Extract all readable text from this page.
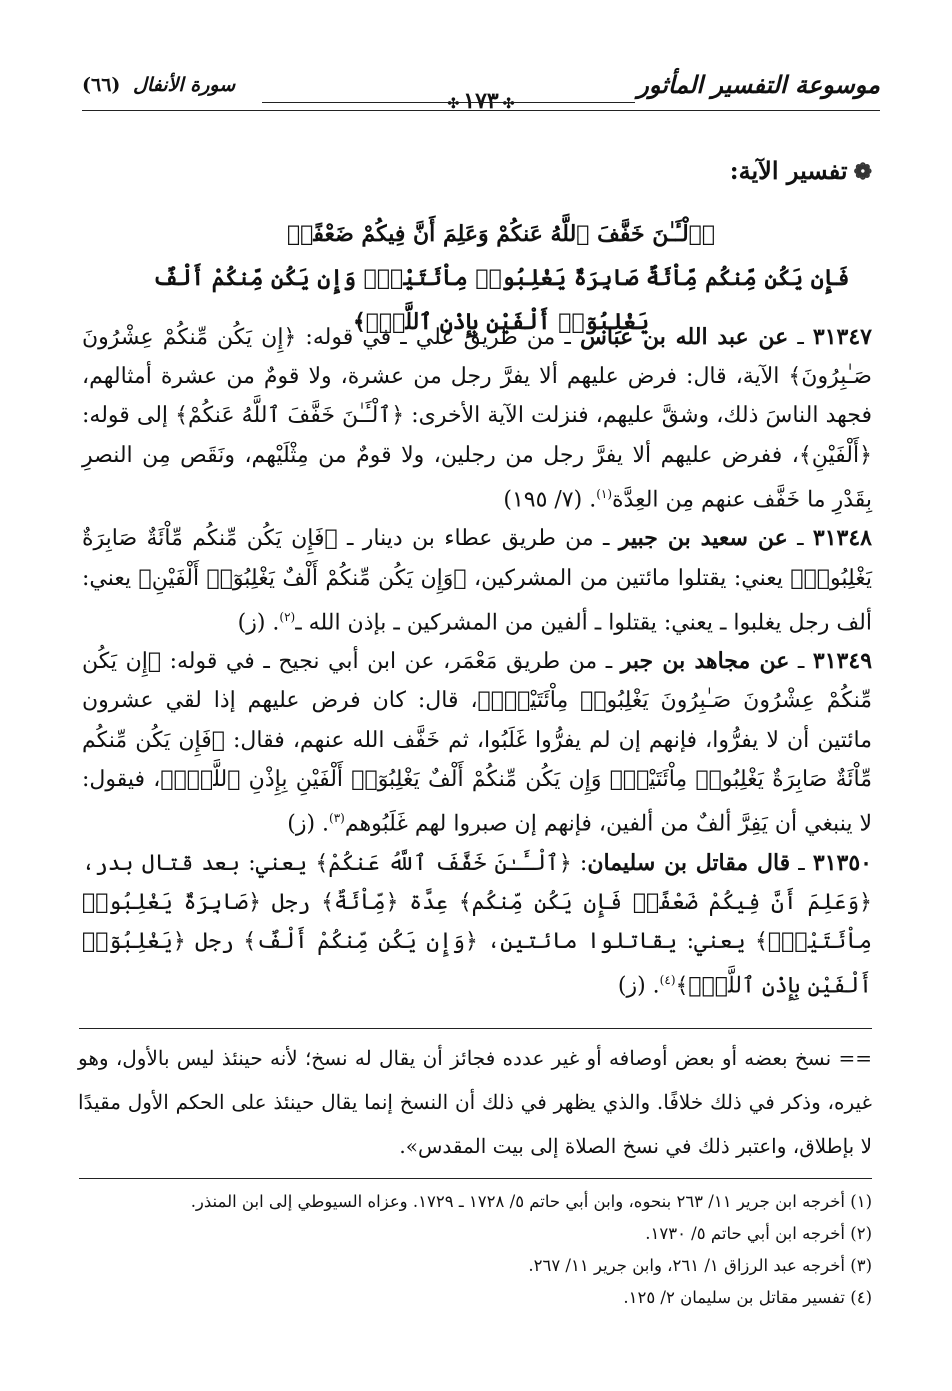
موسوعة التفسير المأثور
✣ ١٧٣ ✣
سورة الأنفال (٦٦)
❁تفسير الآية:
﴿ٱلْـَٔـٰنَ خَفَّفَ ٱللَّهُ عَنكُمْ وَعَلِمَ أَنَّ فِيكُمْ ضَعْفًاۚ
فَإِن يَكُن مِّنكُم مِّاْئَةٌ صَابِرَةٌ يَغْلِبُوا۟ مِاْئَتَيْنِۚ وَإِن يَكُن مِّنكُمْ أَلْفٌ يَغْلِبُوٓا۟ أَلْفَيْنِ بِإِذْنِ ٱللَّهِۗ﴾

٣١٣٤٧ ـ عن عبد الله بن عباس ـ من طريق علي ـ في قوله: ﴿إِن يَكُن مِّنكُمْ عِشْرُونَ صَـٰبِرُونَ﴾ الآية، قال: فرض عليهم ألا يفرَّ رجل من عشرة، ولا قومٌ من عشرة أمثالهم، فجهد الناسَ ذلك، وشقَّ عليهم، فنزلت الآية الأخرى: ﴿ٱلْـَٔـٰنَ خَفَّفَ ٱللَّهُ عَنكُمْ﴾ إلى قوله: ﴿أَلْفَيْنِ﴾، ففرض عليهم ألا يفرَّ رجل من رجلين، ولا قومٌ من مِثْلَيْهم، ونَقَص مِن النصرِ بِقَدْرِ ما خَفَّف عنهم مِن العِدَّة$^{(١)}$. (٧/ ١٩٥)

٣١٣٤٨ ـ عن سعيد بن جبير ـ من طريق عطاء بن دينار ـ ﴿فَإِن يَكُن مِّنكُم مِّاْئَةٌ صَابِرَةٌ يَغْلِبُوا۟﴾ يعني: يقتلوا مائتين من المشركين، ﴿وَإِن يَكُن مِّنكُمْ أَلْفٌ يَغْلِبُوٓا۟ أَلْفَيْنِ﴾ يعني: ألف رجل يغلبوا ـ يعني: يقتلوا ـ ألفين من المشركين ـ بإذن الله ـ$^{(٢)}$. (ز)

٣١٣٤٩ ـ عن مجاهد بن جبر ـ من طريق مَعْمَر، عن ابن أبي نجيح ـ في قوله: ﴿إِن يَكُن مِّنكُمْ عِشْرُونَ صَـٰبِرُونَ يَغْلِبُوا۟ مِاْئَتَيْنِۚ﴾، قال: كان فرض عليهم إذا لقي عشرون مائتين أن لا يفرُّوا، فإنهم إن لم يفرُّوا غَلَبُوا، ثم خَفَّف الله عنهم، فقال: ﴿فَإِن يَكُن مِّنكُم مِّاْئَةٌ صَابِرَةٌ يَغْلِبُوا۟ مِاْئَتَيْنِۚ وَإِن يَكُن مِّنكُمْ أَلْفٌ يَغْلِبُوٓا۟ أَلْفَيْنِ بِإِذْنِ ٱللَّهِۗ﴾، فيقول: لا ينبغي أن يَفِرَّ ألفٌ من ألفين، فإنهم إن صبروا لهم غَلَبُوهم$^{(٣)}$. (ز)

٣١٣٥٠ ـ قال مقاتل بن سليمان: ﴿ٱلْـَٔـٰنَ خَفَّفَ ٱللَّهُ عَنكُمْ﴾ يعني: بعد قتال بدر، ﴿وَعَلِمَ أَنَّ فِيكُمْ ضَعْفًاۚ فَإِن يَكُن مِّنكُم﴾ عِدَّة ﴿مِّاْئَةٌ﴾ رجل ﴿صَابِرَةٌ يَغْلِبُوا۟ مِاْئَتَيْنِۚ﴾ يعني: يقاتلوا مائتين، ﴿وَإِن يَكُن مِّنكُمْ أَلْفٌ﴾ رجل ﴿يَغْلِبُوٓا۟ أَلْفَيْنِ بِإِذْنِ ٱللَّهِۗ﴾$^{(٤)}$. (ز)

== نسخ بعضه أو بعض أوصافه أو غير عدده فجائز أن يقال له نسخ؛ لأنه حينئذ ليس بالأول، وهو غيره، وذكر في ذلك خلافًا. والذي يظهر في ذلك أن النسخ إنما يقال حينئذ على الحكم الأول مقيدًا لا بإطلاق، واعتبر ذلك في نسخ الصلاة إلى بيت المقدس».

(١) أخرجه ابن جرير ١١/ ٢٦٣ بنحوه، وابن أبي حاتم ٥/ ١٧٢٨ ـ ١٧٢٩. وعزاه السيوطي إلى ابن المنذر.

(٢) أخرجه ابن أبي حاتم ٥/ ١٧٣٠.

(٣) أخرجه عبد الرزاق ١/ ٢٦١، وابن جرير ١١/ ٢٦٧.

(٤) تفسير مقاتل بن سليمان ٢/ ١٢٥.
